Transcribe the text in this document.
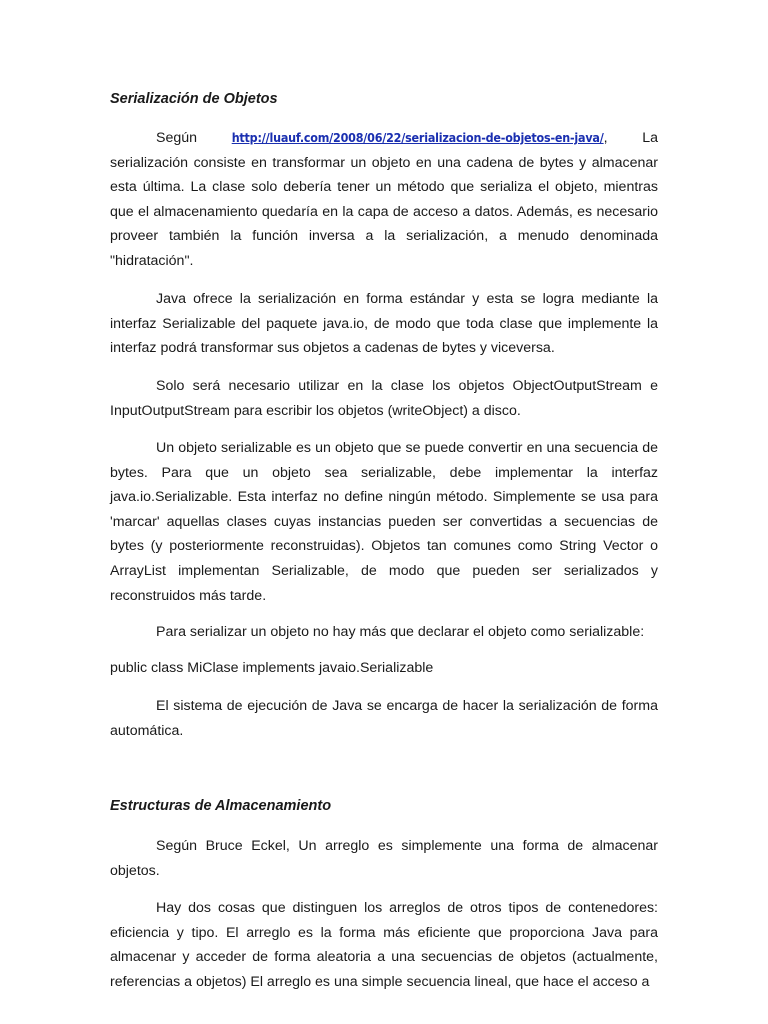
Serialización de Objetos
Según	http://luauf.com/2008/06/22/serializacion-de-objetos-en-java/, La
serialización consiste en transformar un objeto en una cadena de bytes y almacenar esta última. La clase solo debería tener un método que serializa el objeto, mientras que el almacenamiento quedaría en la capa de acceso a datos. Además, es necesario proveer también la función inversa a la serialización, a menudo denominada "hidratación".

Java ofrece la serialización en forma estándar y esta se logra mediante la interfaz Serializable del paquete java.io, de modo que toda clase que implemente la interfaz podrá transformar sus objetos a cadenas de bytes y viceversa.

Solo será necesario utilizar en la clase los objetos ObjectOutputStream e InputOutputStream para escribir los objetos (writeObject) a disco.

Un objeto serializable es un objeto que se puede convertir en una secuencia de bytes. Para que un objeto sea serializable, debe implementar la interfaz java.io.Serializable. Esta interfaz no define ningún método. Simplemente se usa para 'marcar' aquellas clases cuyas instancias pueden ser convertidas a secuencias de bytes (y posteriormente reconstruidas). Objetos tan comunes como String Vector o ArrayList implementan Serializable, de modo que pueden ser serializados y reconstruidos más tarde.

Para serializar un objeto no hay más que declarar el objeto como serializable:

public class MiClase implements javaio.Serializable

El sistema de ejecución de Java se encarga de hacer la serialización de forma automática.

Estructuras de Almacenamiento

Según Bruce Eckel, Un arreglo es simplemente una forma de almacenar objetos.

Hay dos cosas que distinguen los arreglos de otros tipos de contenedores: eficiencia y tipo. El arreglo es la forma más eficiente que proporciona Java para almacenar y acceder de forma aleatoria a una secuencias de objetos (actualmente, referencias a objetos) El arreglo es una simple secuencia lineal, que hace el acceso a
